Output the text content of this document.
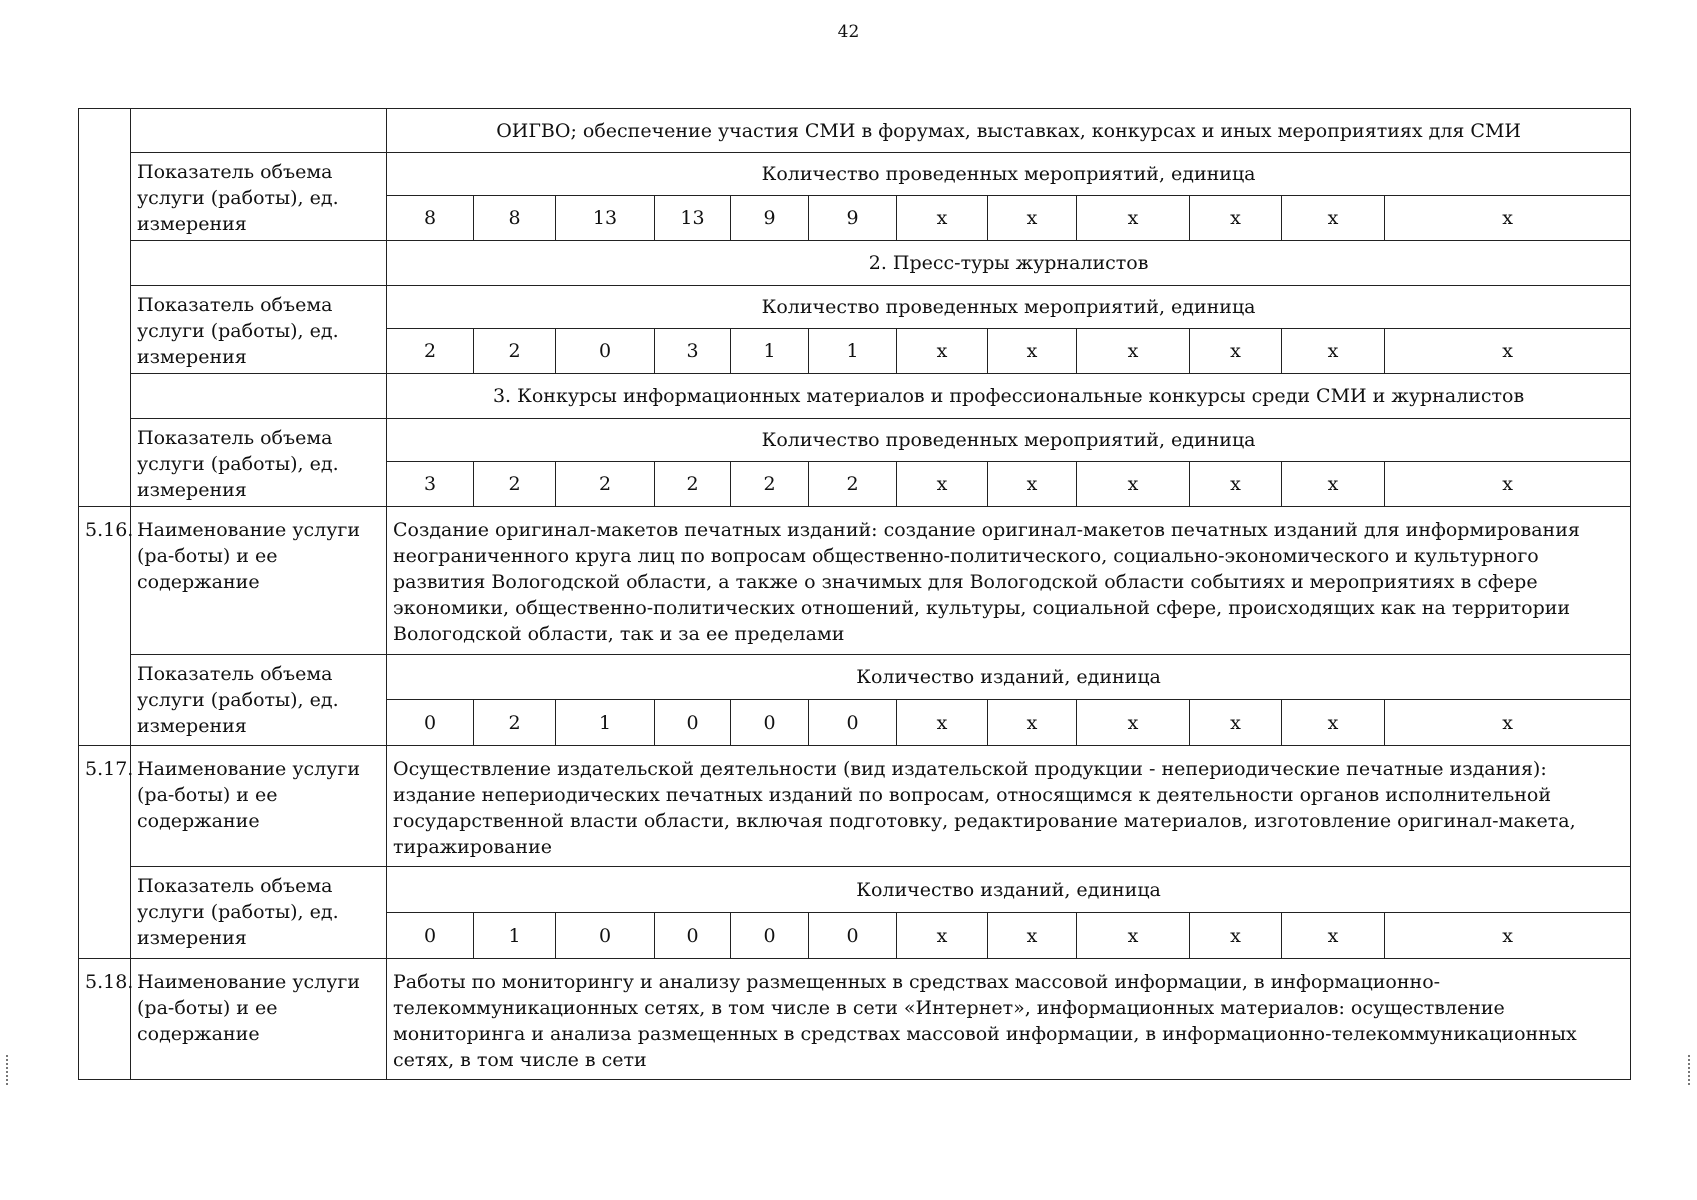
42
		ОИГВО; обеспечение участия СМИ в форумах, выставках, конкурсах и иных мероприятиях для СМИ											
	Показатель объема услуги (работы), ед. измерения	Количество проведенных мероприятий, единица											
		8	8	13	13	9	9	x	x	x	x	x	x
		2. Пресс-туры журналистов											
	Показатель объема услуги (работы), ед. измерения	Количество проведенных мероприятий, единица											
		2	2	0	3	1	1	x	x	x	x	x	x
		3. Конкурсы информационных материалов и профессиональные конкурсы среди СМИ и журналистов											
	Показатель объема услуги (работы), ед. измерения	Количество проведенных мероприятий, единица											
		3	2	2	2	2	2	x	x	x	x	x	x
5.16.	Наименование услуги (ра-боты) и ее содержание	Создание оригинал-макетов печатных изданий: создание оригинал-макетов печатных изданий для информирования неограниченного круга лиц по вопросам общественно-политического, социально-экономического и культурного развития Вологодской области, а также о значимых для Вологодской области событиях и мероприятиях в сфере экономики, общественно-политических отношений, культуры, социальной сфере, происходящих как на территории Вологодской области, так и за ее пределами											
	Показатель объема услуги (работы), ед. измерения	Количество изданий, единица											
		0	2	1	0	0	0	x	x	x	x	x	x
5.17.	Наименование услуги (ра-боты) и ее содержание	Осуществление издательской деятельности (вид издательской продукции - непериодические печатные издания): издание непериодических печатных изданий по вопросам, относящимся к деятельности органов исполнительной государственной власти области, включая подготовку, редактирование материалов, изготовление оригинал-макета, тиражирование											
	Показатель объема услуги (работы), ед. измерения	Количество изданий, единица											
		0	1	0	0	0	0	x	x	x	x	x	x
5.18.	Наименование услуги (ра-боты) и ее содержание	Работы по мониторингу и анализу размещенных в средствах массовой информации, в информационно-телекоммуникационных сетях, в том числе в сети «Интернет», информационных материалов: осуществление мониторинга и анализа размещенных в средствах массовой информации, в информационно-телекоммуникационных сетях, в том числе в сети											
